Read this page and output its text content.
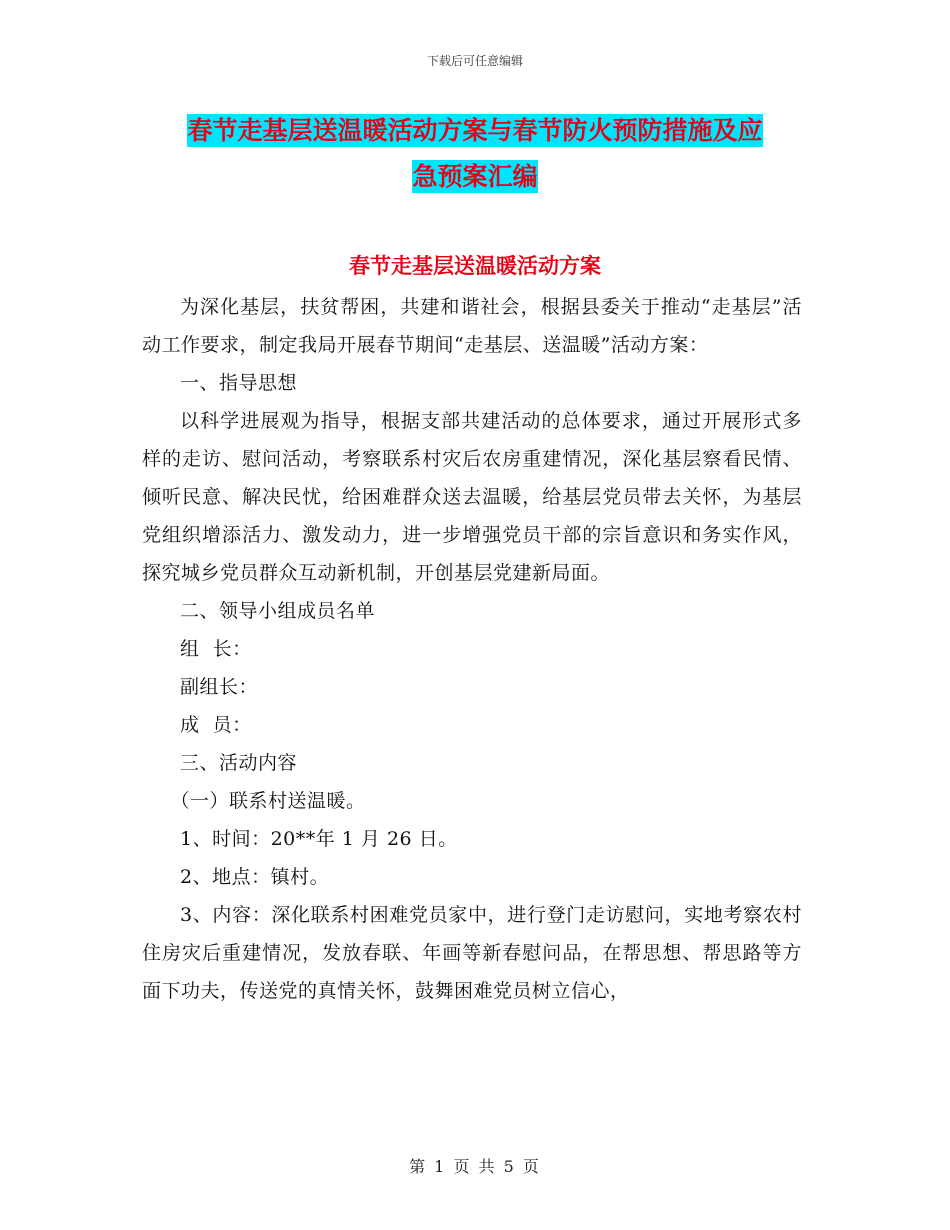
下载后可任意编辑
春节走基层送温暖活动方案与春节防火预防措施及应
急预案汇编
春节走基层送温暖活动方案

为深化基层，扶贫帮困，共建和谐社会，根据县委关于推动“走基层”活动工作要求，制定我局开展春节期间“走基层、送温暖”活动方案：

一、指导思想

以科学进展观为指导，根据支部共建活动的总体要求，通过开展形式多样的走访、慰问活动，考察联系村灾后农房重建情况，深化基层察看民情、倾听民意、解决民忧，给困难群众送去温暖，给基层党员带去关怀，为基层党组织增添活力、激发动力，进一步增强党员干部的宗旨意识和务实作风，探究城乡党员群众互动新机制，开创基层党建新局面。

二、领导小组成员名单

组  长：

副组长：

成  员：

三、活动内容

（一）联系村送温暖。

1、时间：20**年 1 月 26 日。

2、地点：镇村。

3、内容：深化联系村困难党员家中，进行登门走访慰问，实地考察农村住房灾后重建情况，发放春联、年画等新春慰问品，在帮思想、帮思路等方面下功夫，传送党的真情关怀，鼓舞困难党员树立信心，

第 1 页 共 5 页
